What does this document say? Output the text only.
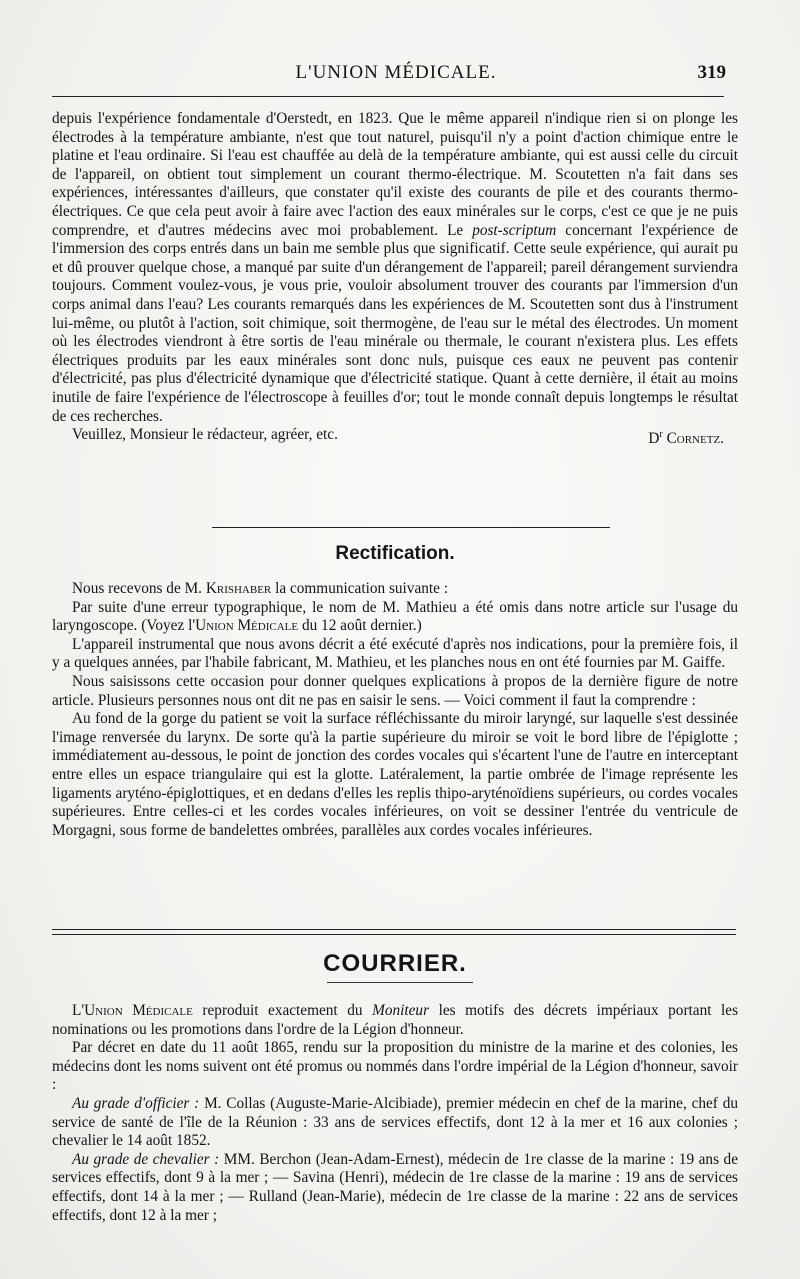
L'UNION MÉDICALE.	319

depuis l'expérience fondamentale d'Oerstedt, en 1823. Que le même appareil n'indique rien si on plonge les électrodes à la température ambiante, n'est que tout naturel, puisqu'il n'y a point d'action chimique entre le platine et l'eau ordinaire. Si l'eau est chauffée au delà de la température ambiante, qui est aussi celle du circuit de l'appareil, on obtient tout simplement un courant thermo-électrique. M. Scoutetten n'a fait dans ses expériences, intéressantes d'ailleurs, que constater qu'il existe des courants de pile et des courants thermo-électriques. Ce que cela peut avoir à faire avec l'action des eaux minérales sur le corps, c'est ce que je ne puis comprendre, et d'autres médecins avec moi probablement. Le post-scriptum concernant l'expérience de l'immersion des corps entrés dans un bain me semble plus que significatif. Cette seule expérience, qui aurait pu et dû prouver quelque chose, a manqué par suite d'un dérangement de l'appareil; pareil dérangement surviendra toujours. Comment voulez-vous, je vous prie, vouloir absolument trouver des courants par l'immersion d'un corps animal dans l'eau? Les courants remarqués dans les expériences de M. Scoutetten sont dus à l'instrument lui-même, ou plutôt à l'action, soit chimique, soit thermogène, de l'eau sur le métal des électrodes. Un moment où les électrodes viendront à être sortis de l'eau minérale ou thermale, le courant n'existera plus. Les effets électriques produits par les eaux minérales sont donc nuls, puisque ces eaux ne peuvent pas contenir d'électricité, pas plus d'électricité dynamique que d'électricité statique. Quant à cette dernière, il était au moins inutile de faire l'expérience de l'électroscope à feuilles d'or; tout le monde connaît depuis longtemps le résultat de ces recherches.

Veuillez, Monsieur le rédacteur, agréer, etc.	$D^r$ Cornetz.
Rectification.

Nous recevons de M. Krishaber la communication suivante :

Par suite d'une erreur typographique, le nom de M. Mathieu a été omis dans notre article sur l'usage du laryngoscope. (Voyez l'Union Médicale du 12 août dernier.)

L'appareil instrumental que nous avons décrit a été exécuté d'après nos indications, pour la première fois, il y a quelques années, par l'habile fabricant, M. Mathieu, et les planches nous en ont été fournies par M. Gaiffe.

Nous saisissons cette occasion pour donner quelques explications à propos de la dernière figure de notre article. Plusieurs personnes nous ont dit ne pas en saisir le sens. — Voici comment il faut la comprendre :

Au fond de la gorge du patient se voit la surface réfléchissante du miroir laryngé, sur laquelle s'est dessinée l'image renversée du larynx. De sorte qu'à la partie supérieure du miroir se voit le bord libre de l'épiglotte ; immédiatement au-dessous, le point de jonction des cordes vocales qui s'écartent l'une de l'autre en interceptant entre elles un espace triangulaire qui est la glotte. Latéralement, la partie ombrée de l'image représente les ligaments aryténo-épiglottiques, et en dedans d'elles les replis thipo-aryténoïdiens supérieurs, ou cordes vocales supérieures. Entre celles-ci et les cordes vocales inférieures, on voit se dessiner l'entrée du ventricule de Morgagni, sous forme de bandelettes ombrées, parallèles aux cordes vocales inférieures.

COURRIER.

L'Union Médicale reproduit exactement du Moniteur les motifs des décrets impériaux portant les nominations ou les promotions dans l'ordre de la Légion d'honneur.

Par décret en date du 11 août 1865, rendu sur la proposition du ministre de la marine et des colonies, les médecins dont les noms suivent ont été promus ou nommés dans l'ordre impérial de la Légion d'honneur, savoir :

Au grade d'officier : M. Collas (Auguste-Marie-Alcibiade), premier médecin en chef de la marine, chef du service de santé de l'île de la Réunion : 33 ans de services effectifs, dont 12 à la mer et 16 aux colonies ; chevalier le 14 août 1852.

Au grade de chevalier : MM. Berchon (Jean-Adam-Ernest), médecin de 1re classe de la marine : 19 ans de services effectifs, dont 9 à la mer ; — Savina (Henri), médecin de 1re classe de la marine : 19 ans de services effectifs, dont 14 à la mer ; — Rulland (Jean-Marie), médecin de 1re classe de la marine : 22 ans de services effectifs, dont 12 à la mer ;
